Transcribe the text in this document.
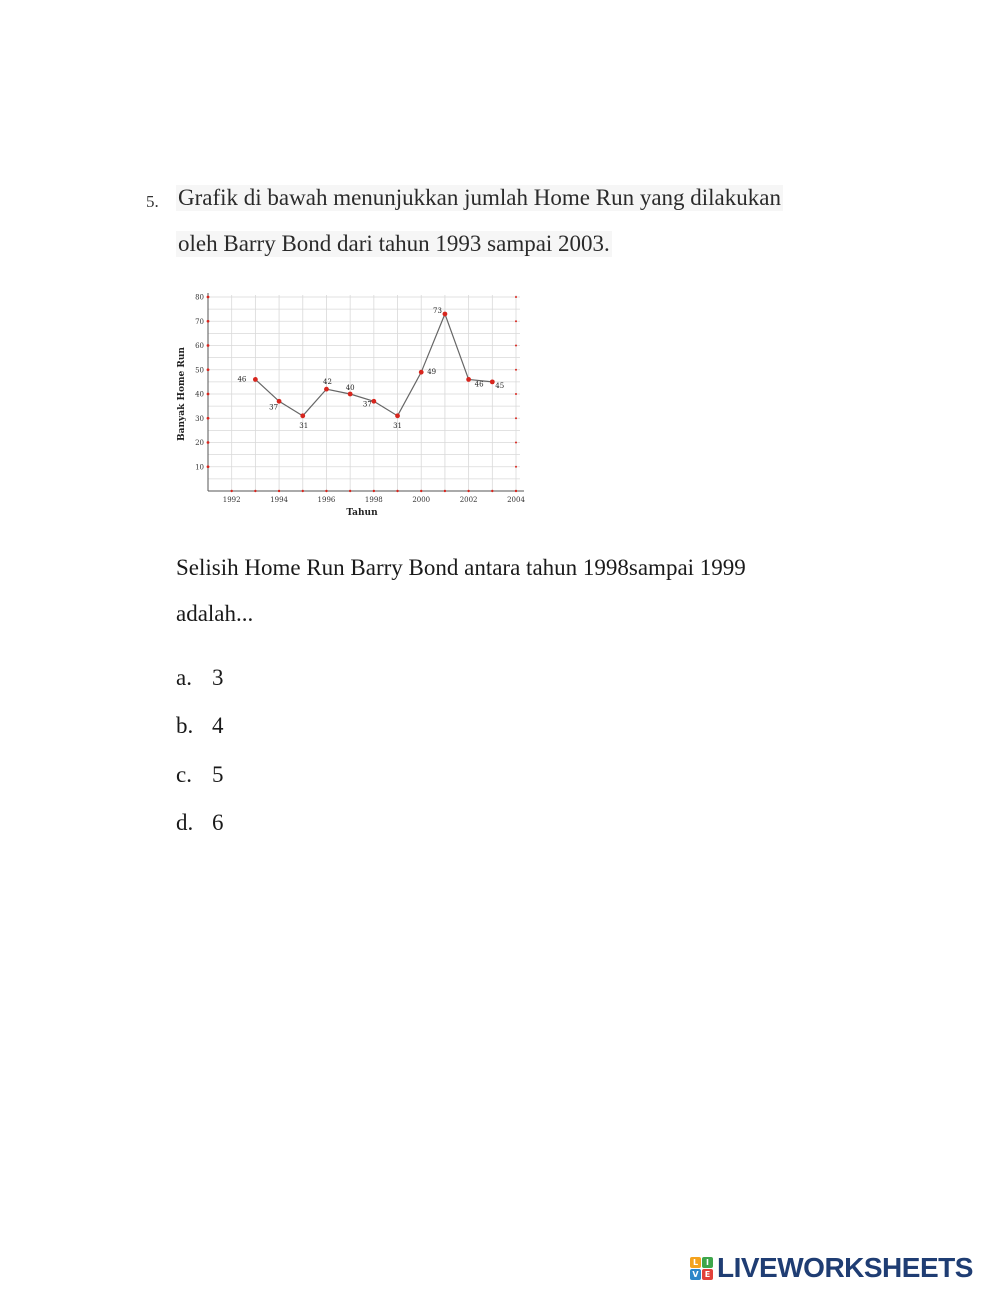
5. Grafik di bawah menunjukkan jumlah Home Run yang dilakukan
oleh Barry Bond dari tahun 1993 sampai 2003.
10
20
30
40
50
60
70
80
1992	1994	1996	1998	2000	2002	2004
Tahun
Banyak Home Run	46
37
31
42
40
37
31
49
73
46 45
Selisih Home Run Barry Bond antara tahun 1998sampai 1999
adalah...
a. 3
b. 4
c. 5
d. 6
L I
V E LIVEWORKSHEETS
